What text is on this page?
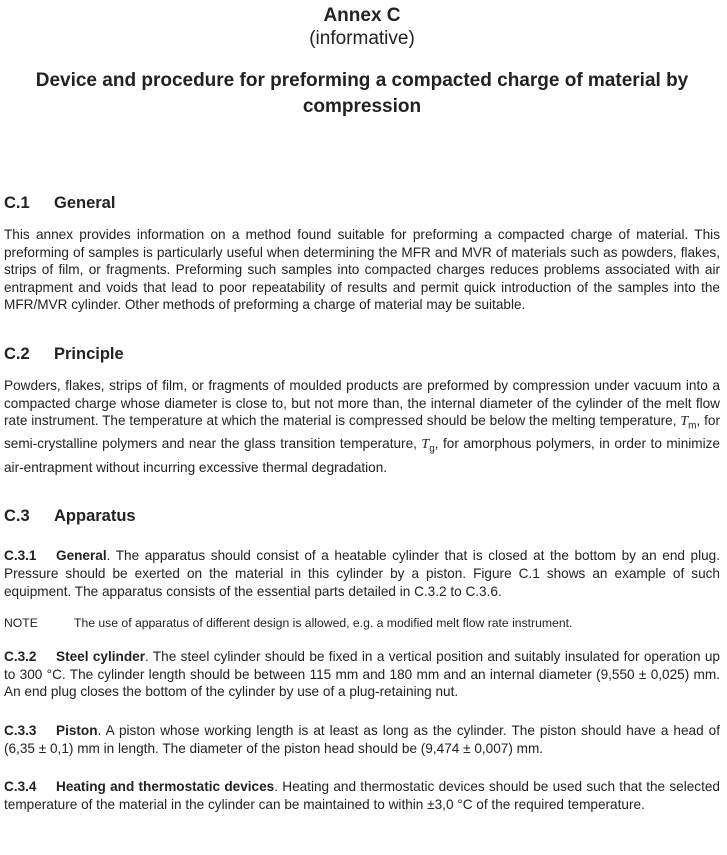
Annex C
(informative)
Device and procedure for preforming a compacted charge of material by
compression
C.1 General

This annex provides information on a method found suitable for preforming a compacted charge of material. This preforming of samples is particularly useful when determining the MFR and MVR of materials such as powders, flakes, strips of film, or fragments. Preforming such samples into compacted charges reduces problems associated with air entrapment and voids that lead to poor repeatability of results and permit quick introduction of the samples into the MFR/MVR cylinder. Other methods of preforming a charge of material may be suitable.

C.2 Principle

Powders, flakes, strips of film, or fragments of moulded products are preformed by compression under vacuum into a compacted charge whose diameter is close to, but not more than, the internal diameter of the cylinder of the melt flow rate instrument. The temperature at which the material is compressed should be below the melting temperature, $T_m$, for semi-crystalline polymers and near the glass transition temperature, $T_g$, for amorphous polymers, in order to minimize air-entrapment without incurring excessive thermal degradation.

C.3 Apparatus

C.3.1 General. The apparatus should consist of a heatable cylinder that is closed at the bottom by an end plug. Pressure should be exerted on the material in this cylinder by a piston. Figure C.1 shows an example of such equipment. The apparatus consists of the essential parts detailed in C.3.2 to C.3.6.

NOTE	The use of apparatus of different design is allowed, e.g. a modified melt flow rate instrument.

C.3.2 Steel cylinder. The steel cylinder should be fixed in a vertical position and suitably insulated for operation up to 300 °C. The cylinder length should be between 115 mm and 180 mm and an internal diameter (9,550 ± 0,025) mm. An end plug closes the bottom of the cylinder by use of a plug-retaining nut.

C.3.3 Piston. A piston whose working length is at least as long as the cylinder. The piston should have a head of (6,35 ± 0,1) mm in length. The diameter of the piston head should be (9,474 ± 0,007) mm.

C.3.4 Heating and thermostatic devices. Heating and thermostatic devices should be used such that the selected temperature of the material in the cylinder can be maintained to within ±3,0 °C of the required temperature.
